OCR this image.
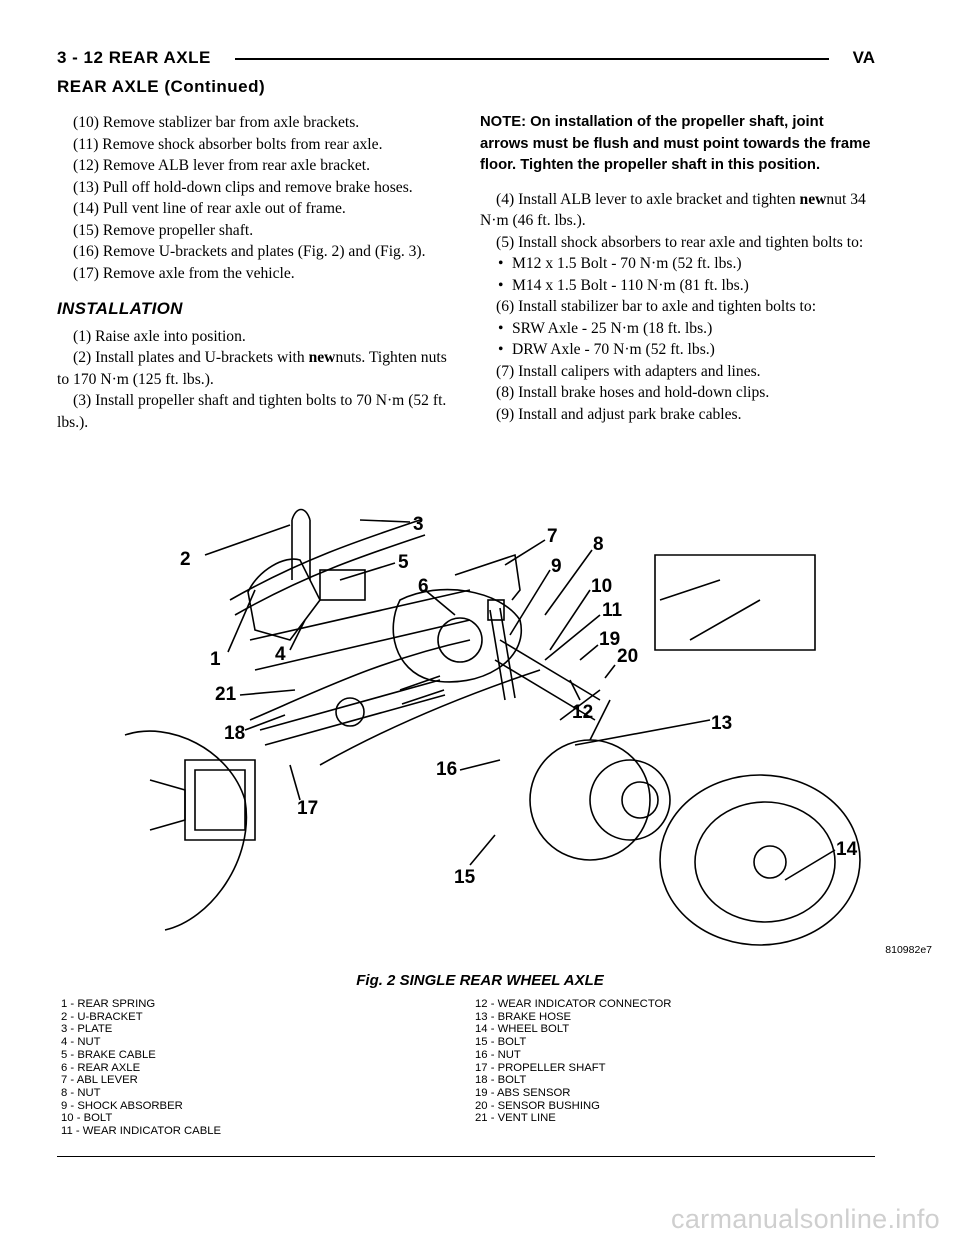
3 - 12 REAR AXLE	VA
REAR AXLE (Continued)

(10) Remove stablizer bar from axle brackets.

(11) Remove shock absorber bolts from rear axle.

(12) Remove ALB lever from rear axle bracket.

(13) Pull off hold-down clips and remove brake hoses.

(14) Pull vent line of rear axle out of frame.

(15) Remove propeller shaft.

(16) Remove U-brackets and plates (Fig. 2) and (Fig. 3).

(17) Remove axle from the vehicle.

INSTALLATION

(1) Raise axle into position.

(2) Install plates and U-brackets with newnuts. Tighten nuts to 170 N·m (125 ft. lbs.).

(3) Install propeller shaft and tighten bolts to 70 N·m (52 ft. lbs.).

NOTE: On installation of the propeller shaft, joint arrows must be flush and must point towards the frame floor. Tighten the propeller shaft in this position.

(4) Install ALB lever to axle bracket and tighten newnut 34 N·m (46 ft. lbs.).

(5) Install shock absorbers to rear axle and tighten bolts to:

• M12 x 1.5 Bolt - 70 N·m (52 ft. lbs.)

• M14 x 1.5 Bolt - 110 N·m (81 ft. lbs.)

(6) Install stabilizer bar to axle and tighten bolts to:

• SRW Axle - 25 N·m (18 ft. lbs.)

• DRW Axle - 70 N·m (52 ft. lbs.)

(7) Install calipers with adapters and lines.

(8) Install brake hoses and hold-down clips.

(9) Install and adjust park brake cables.

1
2
3
4
5
6
7 8
9
10
11
12
13
14
15
16
17
18
19
20
21
810982e7
Fig. 2 SINGLE REAR WHEEL AXLE
1 - REAR SPRING
2 - U-BRACKET
3 - PLATE
4 - NUT
5 - BRAKE CABLE
6 - REAR AXLE
7 - ABL LEVER
8 - NUT
9 - SHOCK ABSORBER
10 - BOLT
11 - WEAR INDICATOR CABLE
12 - WEAR INDICATOR CONNECTOR
13 - BRAKE HOSE
14 - WHEEL BOLT
15 - BOLT
16 - NUT
17 - PROPELLER SHAFT
18 - BOLT
19 - ABS SENSOR
20 - SENSOR BUSHING
21 - VENT LINE
carmanualsonline.info
